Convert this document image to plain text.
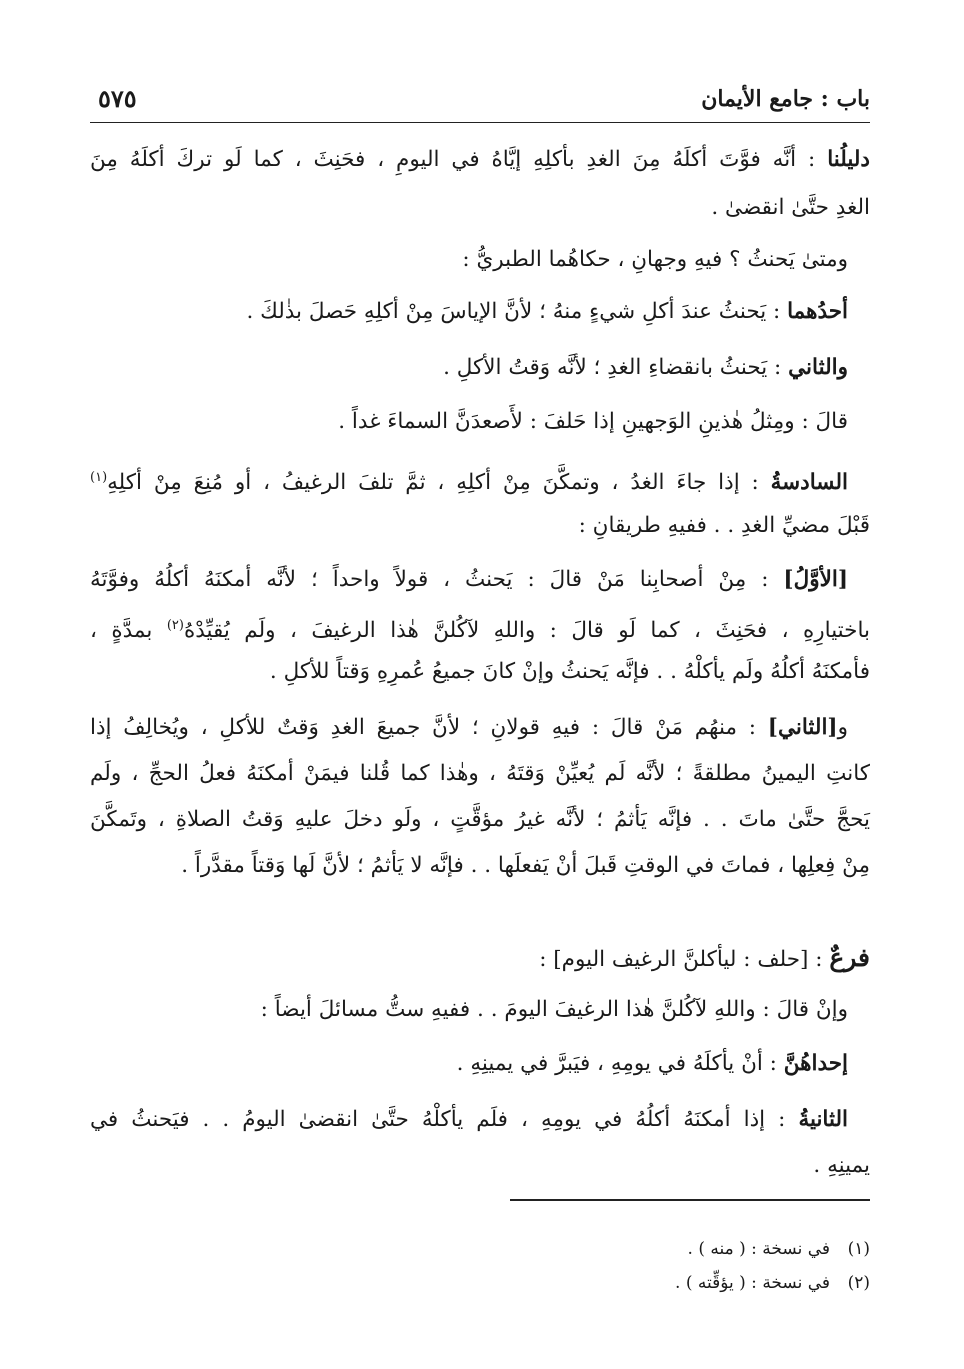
باب : جامع الأيمان
٥٧٥
دليلُنا : أنَّه فوَّتَ أكلَهُ مِنَ الغدِ بأكلِهِ إيَّاهُ في اليومِ ، فحَنِثَ ، كما لَو تركَ أكلَهُ مِنَ
الغدِ حتَّىٰ انقضىٰ .
ومتىٰ يَحنثُ ؟ فيهِ وجهانِ ، حكاهُما الطبريُّ :
أحدُهما : يَحنثُ عندَ أكلِ شيءٍ منهُ ؛ لأنَّ الإياسَ مِنْ أكلِهِ حَصلَ بذٰلكَ .
والثاني : يَحنثُ بانقضاءِ الغدِ ؛ لأنَّه وَقتُ الأكلِ .
قالَ : ومِثلُ هٰذينِ الوَجهينِ إذا حَلفَ : لأَصعدَنَّ السماءَ غداً .
السادسةُ : إذا جاءَ الغدُ ، وتمكَّنَ مِنْ أكلِهِ ، ثمَّ تلفَ الرغيفُ ، أو مُنِعَ مِنْ أكلِهِ$^{(١)}$
قَبْلَ مضيِّ الغدِ . . ففيهِ طريقانِ :
[الأوَّلُ] : مِنْ أصحابِنا مَنْ قالَ : يَحنثُ ، قولاً واحداً ؛ لأنَّه أمكنَهُ أكلُهُ وفوَّتَهُ
باختيارِهِ ، فحَنِثَ ، كما لَو قالَ : واللهِ لآكُلنَّ هٰذا الرغيفَ ، ولَم يُقيِّدْهُ$^{(٢)}$ بمدَّةٍ ،
فأمكنَهُ أكلُهُ ولَم يأكلْهُ . . فإنَّه يَحنثُ وإنْ كانَ جميعُ عُمرِهِ وَقتاً للأكلِ .
و[الثاني] : منهُم مَنْ قالَ : فيهِ قولانِ ؛ لأنَّ جميعَ الغدِ وَقتٌ للأكلِ ، ويُخالِفُ إذا
كانتِ اليمينُ مطلقةً ؛ لأنَّه لَم يُعيِّنْ وَقتَهُ ، وهٰذا كما قُلنا فيمَنْ أمكنَهُ فعلُ الحجِّ ، ولَم
يَحجَّ حتَّىٰ ماتَ . . فإنَّه يَأثمُ ؛ لأنَّه غيرُ مؤقَّتٍ ، ولَو دخلَ عليهِ وَقتُ الصلاةِ ، وتَمكَّنَ
مِنْ فِعلِها ، فماتَ في الوقتِ قَبلَ أنْ يَفعلَها . . فإنَّه لا يَأثمُ ؛ لأنَّ لَها وَقتاً مقدَّراً .
فرعٌ : [حلف : ليأكلنَّ الرغيف اليوم] :
وإنْ قالَ : واللهِ لآكُلنَّ هٰذا الرغيفَ اليومَ . . ففيهِ ستُّ مسائلَ أيضاً :
إحداهُنَّ : أنْ يأكلَهُ في يومِهِ ، فيَبرَّ في يمينِهِ .
الثانيةُ : إذا أمكنَهُ أكلُهُ في يومِهِ ، فلَم يأكلْهُ حتَّىٰ انقضىٰ اليومُ . . فيَحنثُ في
يمينِهِ .
(١)في نسخة : ( منه ) .
(٢)في نسخة : ( يؤقِّته ) .
